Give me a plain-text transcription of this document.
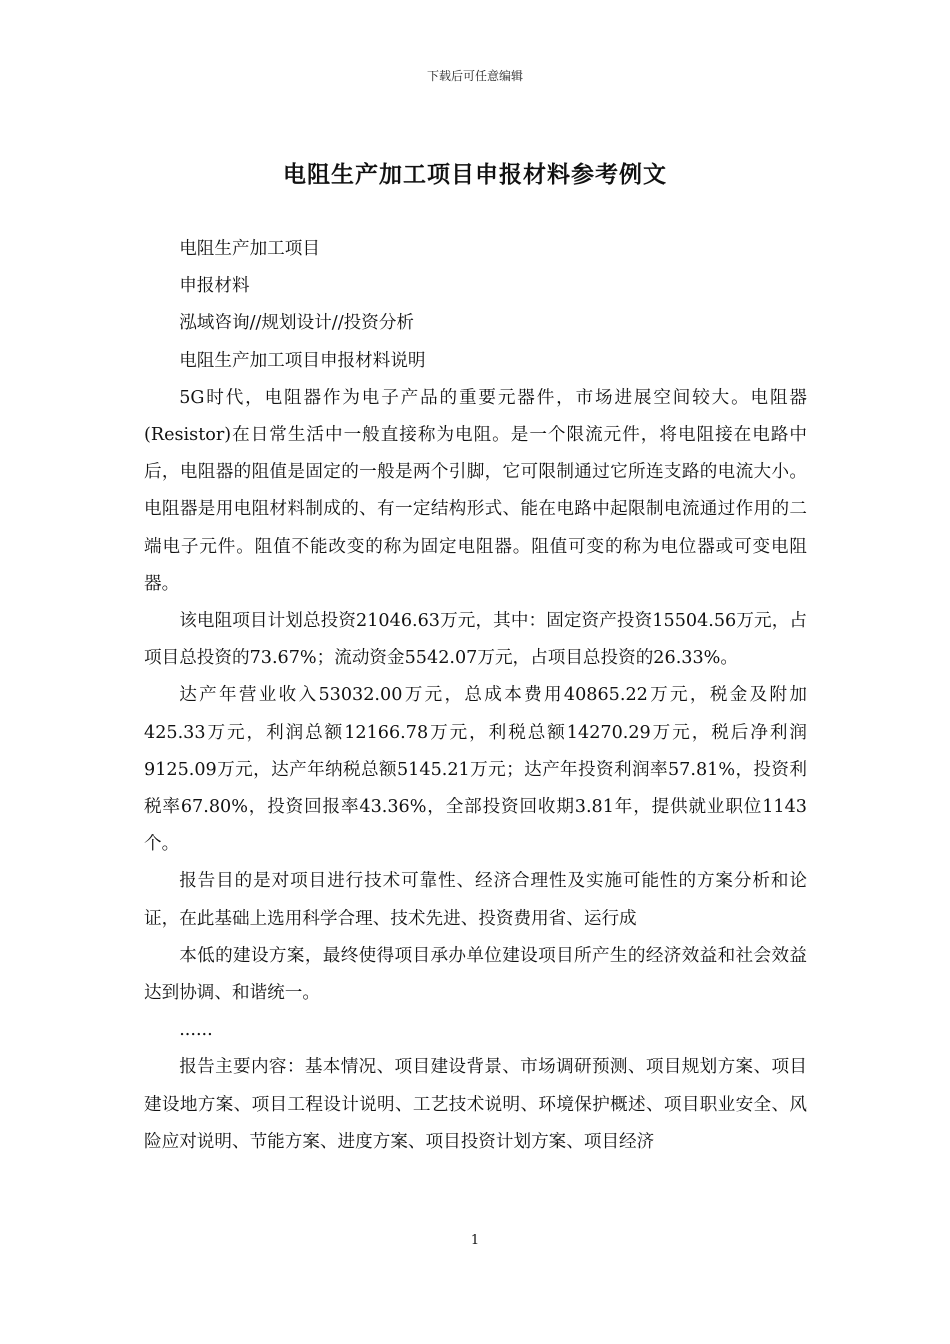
下载后可任意编辑
电阻生产加工项目申报材料参考例文

电阻生产加工项目

申报材料

泓域咨询//规划设计//投资分析

电阻生产加工项目申报材料说明

5G时代，电阻器作为电子产品的重要元器件，市场进展空间较大。电阻器(Resistor)在日常生活中一般直接称为电阻。是一个限流元件，将电阻接在电路中后，电阻器的阻值是固定的一般是两个引脚，它可限制通过它所连支路的电流大小。电阻器是用电阻材料制成的、有一定结构形式、能在电路中起限制电流通过作用的二端电子元件。阻值不能改变的称为固定电阻器。阻值可变的称为电位器或可变电阻器。

该电阻项目计划总投资21046.63万元，其中：固定资产投资15504.56万元，占项目总投资的73.67%；流动资金5542.07万元，占项目总投资的26.33%。

达产年营业收入53032.00万元，总成本费用40865.22万元，税金及附加425.33万元，利润总额12166.78万元，利税总额14270.29万元，税后净利润9125.09万元，达产年纳税总额5145.21万元；达产年投资利润率57.81%，投资利税率67.80%，投资回报率43.36%，全部投资回收期3.81年，提供就业职位1143个。

报告目的是对项目进行技术可靠性、经济合理性及实施可能性的方案分析和论证，在此基础上选用科学合理、技术先进、投资费用省、运行成

本低的建设方案，最终使得项目承办单位建设项目所产生的经济效益和社会效益达到协调、和谐统一。

......

报告主要内容：基本情况、项目建设背景、市场调研预测、项目规划方案、项目建设地方案、项目工程设计说明、工艺技术说明、环境保护概述、项目职业安全、风险应对说明、节能方案、进度方案、项目投资计划方案、项目经济

1
